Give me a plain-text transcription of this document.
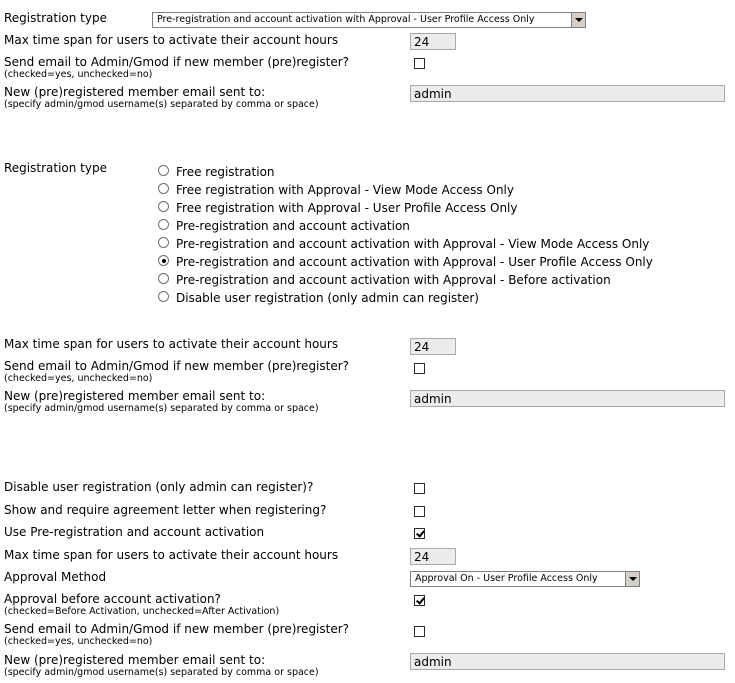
Registration type	Pre-registration and account activation with Approval - User Profile Access Only
Max time span for users to activate their account hours	24
Send email to Admin/Gmod if new member (pre)register?
(checked=yes, unchecked=no)
New (pre)registered member email sent to:
(specify admin/gmod username(s) separated by comma or space)
admin
Registration type	Free registration
Free registration with Approval - View Mode Access Only
Free registration with Approval - User Profile Access Only
Pre-registration and account activation
Pre-registration and account activation with Approval - View Mode Access Only
Pre-registration and account activation with Approval - User Profile Access Only
Pre-registration and account activation with Approval - Before activation
Disable user registration (only admin can register)
Max time span for users to activate their account hours	24
Send email to Admin/Gmod if new member (pre)register?
(checked=yes, unchecked=no)
New (pre)registered member email sent to:
(specify admin/gmod username(s) separated by comma or space)
admin
Disable user registration (only admin can register)?
Show and require agreement letter when registering?
Use Pre-registration and account activation
Max time span for users to activate their account hours	24
Approval Method	Approval On - User Profile Access Only
Approval before account activation?
(checked=Before Activation, unchecked=After Activation)
Send email to Admin/Gmod if new member (pre)register?
(checked=yes, unchecked=no)
New (pre)registered member email sent to:
(specify admin/gmod username(s) separated by comma or space)
admin
